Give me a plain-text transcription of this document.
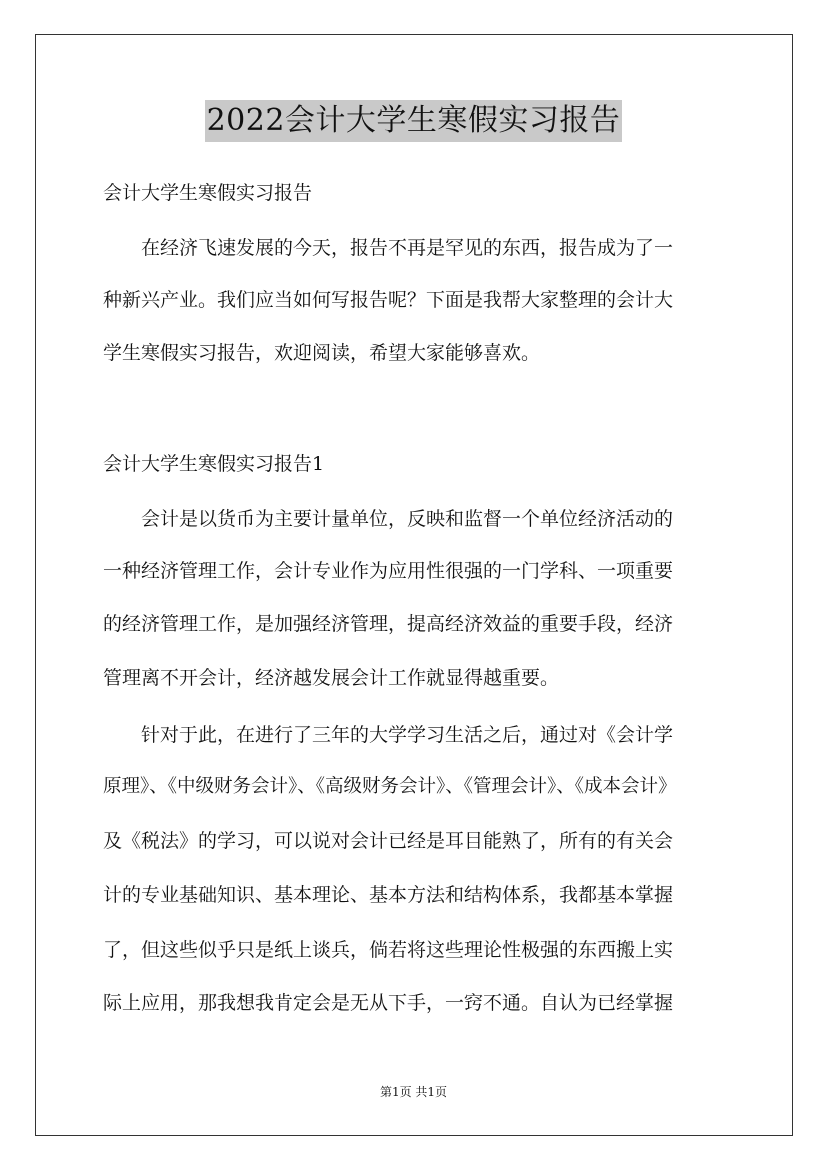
2022会计大学生寒假实习报告
会计大学生寒假实习报告
在经济飞速发展的今天，报告不再是罕见的东西，报告成为了一
种新兴产业。我们应当如何写报告呢？下面是我帮大家整理的会计大
学生寒假实习报告，欢迎阅读，希望大家能够喜欢。
会计大学生寒假实习报告1
会计是以货币为主要计量单位，反映和监督一个单位经济活动的
一种经济管理工作，会计专业作为应用性很强的一门学科、一项重要
的经济管理工作，是加强经济管理，提高经济效益的重要手段，经济
管理离不开会计，经济越发展会计工作就显得越重要。
针对于此，在进行了三年的大学学习生活之后，通过对《会计学
原理》、《中级财务会计》、《高级财务会计》、《管理会计》、《成本会计》
及《税法》的学习，可以说对会计已经是耳目能熟了，所有的有关会
计的专业基础知识、基本理论、基本方法和结构体系，我都基本掌握
了，但这些似乎只是纸上谈兵，倘若将这些理论性极强的东西搬上实
际上应用，那我想我肯定会是无从下手，一窍不通。自认为已经掌握
第1页 共1页
